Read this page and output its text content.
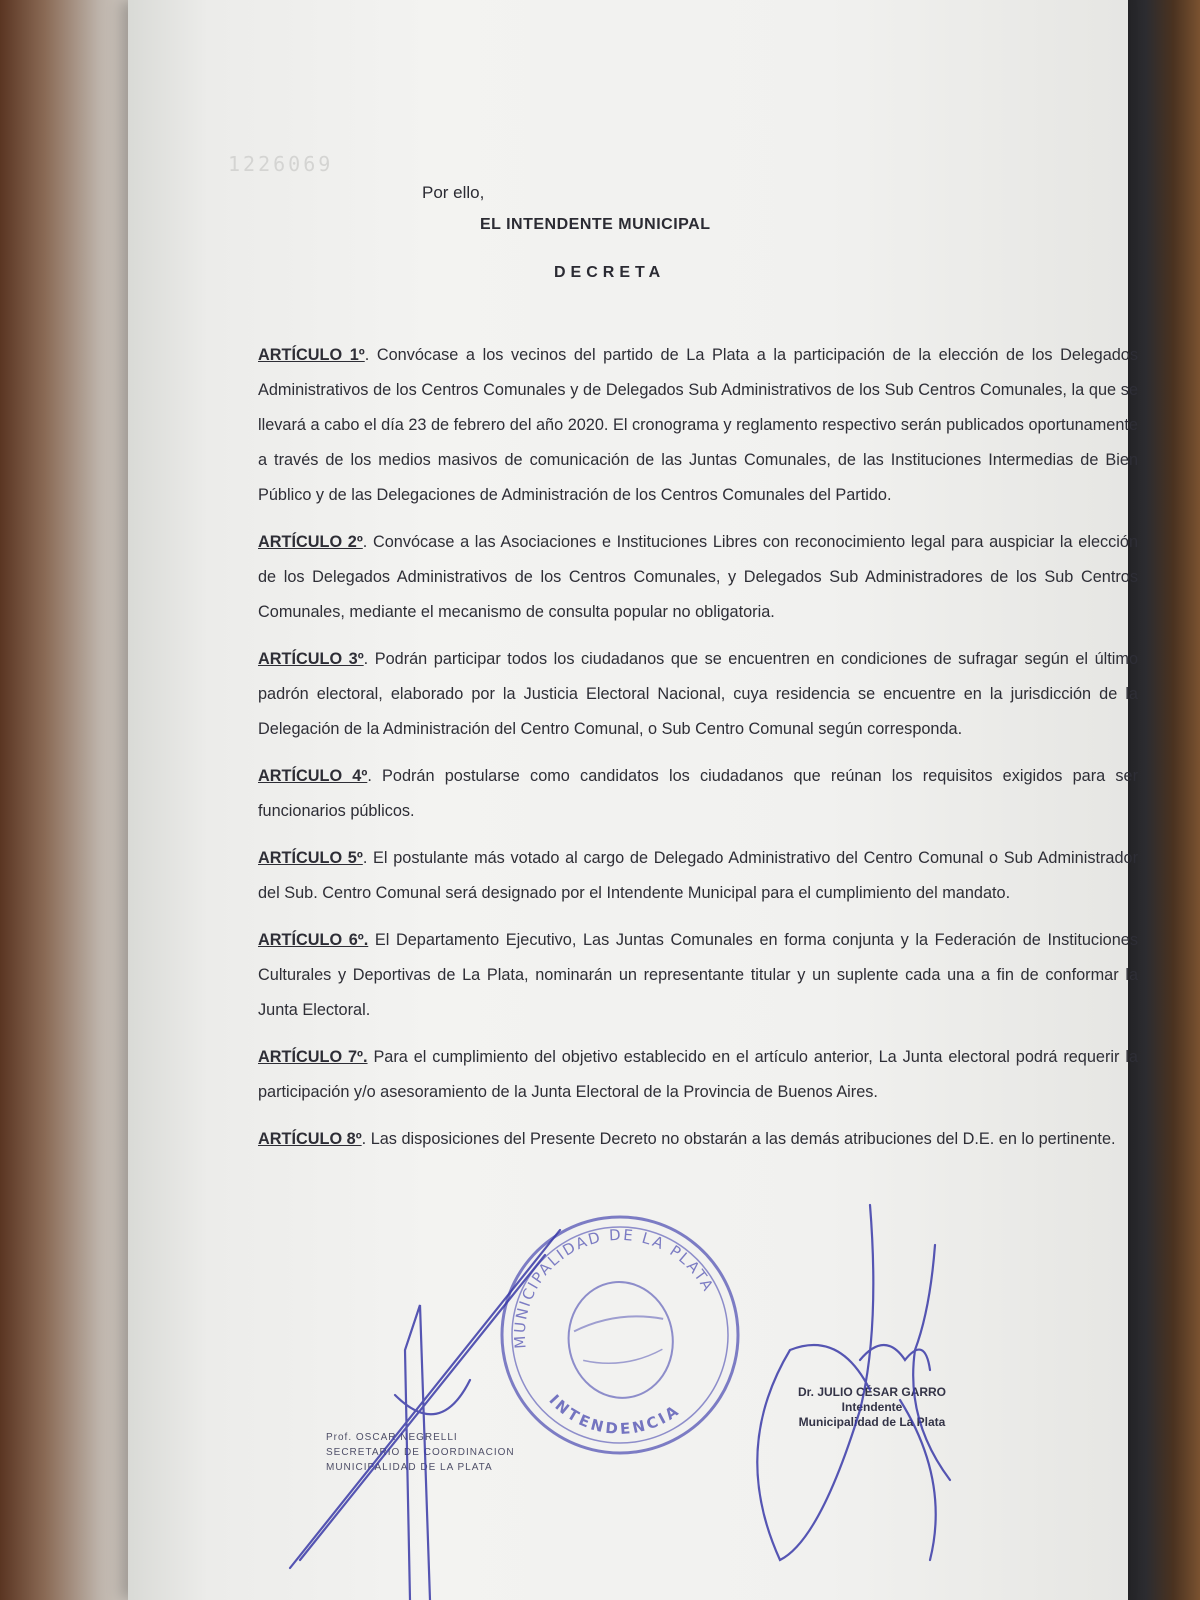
1226069
Por ello,
EL INTENDENTE MUNICIPAL
DECRETA

ARTÍCULO 1º. Convócase a los vecinos del partido de La Plata a la participación de la elección de los Delegados Administrativos de los Centros Comunales y de Delegados Sub Administrativos de los Sub Centros Comunales, la que se llevará a cabo el día 23 de febrero del año 2020. El cronograma y reglamento respectivo serán publicados oportunamente a través de los medios masivos de comunicación de las Juntas Comunales, de las Instituciones Intermedias de Bien Público y de las Delegaciones de Administración de los Centros Comunales del Partido.

ARTÍCULO 2º. Convócase a las Asociaciones e Instituciones Libres con reconocimiento legal para auspiciar la elección de los Delegados Administrativos de los Centros Comunales, y Delegados Sub Administradores de los Sub Centros Comunales, mediante el mecanismo de consulta popular no obligatoria.

ARTÍCULO 3º. Podrán participar todos los ciudadanos que se encuentren en condiciones de sufragar según el último padrón electoral, elaborado por la Justicia Electoral Nacional, cuya residencia se encuentre en la jurisdicción de la Delegación de la Administración del Centro Comunal, o Sub Centro Comunal según corresponda.

ARTÍCULO 4º. Podrán postularse como candidatos los ciudadanos que reúnan los requisitos exigidos para ser funcionarios públicos.

ARTÍCULO 5º. El postulante más votado al cargo de Delegado Administrativo del Centro Comunal o Sub Administrador del Sub. Centro Comunal será designado por el Intendente Municipal para el cumplimiento del mandato.

ARTÍCULO 6º. El Departamento Ejecutivo, Las Juntas Comunales en forma conjunta y la Federación de Instituciones Culturales y Deportivas de La Plata, nominarán un representante titular y un suplente cada una a fin de conformar la Junta Electoral.

ARTÍCULO 7º. Para el cumplimiento del objetivo establecido en el artículo anterior, La Junta electoral podrá requerir la participación y/o asesoramiento de la Junta Electoral de la Provincia de Buenos Aires.

ARTÍCULO 8º. Las disposiciones del Presente Decreto no obstarán a las demás atribuciones del D.E. en lo pertinente.

Prof. OSCAR NEGRELLI
SECRETARIO DE COORDINACION
MUNICIPALIDAD DE LA PLATA
Dr. JULIO CÉSAR GARRO
Intendente
Municipalidad de La Plata
MUNICIPALIDAD DE LA PLATA
INTENDENCIA
